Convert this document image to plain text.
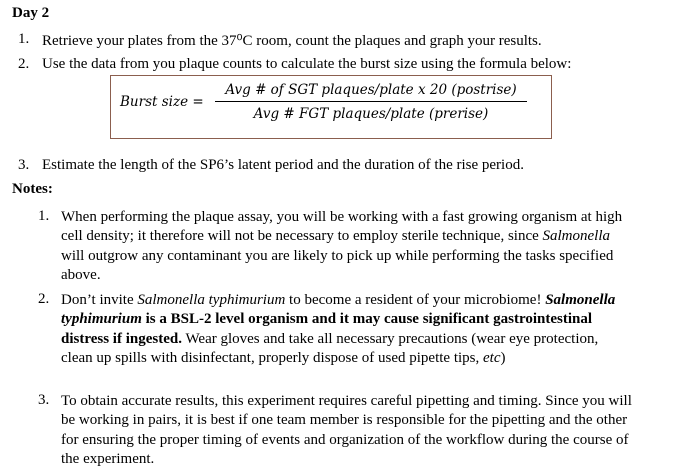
Day 2
1. Retrieve your plates from the 37⁰C room, count the plaques and graph your results.
2. Use the data from you plaque counts to calculate the burst size using the formula below:
Burst size =
Avg # of SGT plaques/plate x 20 (postrise)
Avg # FGT plaques/plate (prerise)
3. Estimate the length of the SP6’s latent period and the duration of the rise period.
Notes:
1. When performing the plaque assay, you will be working with a fast growing organism at high cell density; it therefore will not be necessary to employ sterile technique, since Salmonella will outgrow any contaminant you are likely to pick up while performing the tasks specified above.
2. Don’t invite Salmonella typhimurium to become a resident of your microbiome! Salmonella typhimurium is a BSL-2 level organism and it may cause significant gastrointestinal distress if ingested. Wear gloves and take all necessary precautions (wear eye protection, clean up spills with disinfectant, properly dispose of used pipette tips, etc)
3. To obtain accurate results, this experiment requires careful pipetting and timing. Since you will be working in pairs, it is best if one team member is responsible for the pipetting and the other for ensuring the proper timing of events and organization of the workflow during the course of the experiment.
